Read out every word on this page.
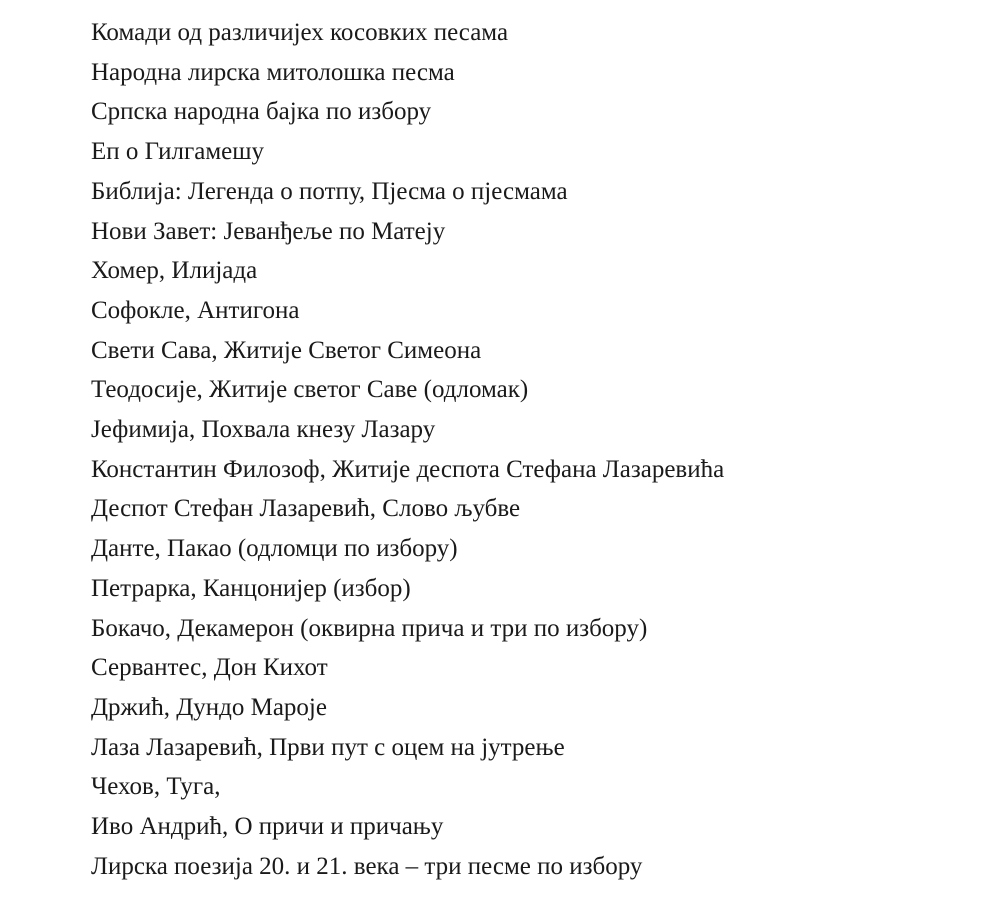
Комади од различијех косовких песама
Народна лирска митолошка песма
Српска народна бајка по избору
Еп о Гилгамешу
Библија: Легенда о потпу, Пјесма о пјесмама
Нови Завет: Јеванђеље по Матеју
Хомер, Илијада
Софокле, Антигона
Свети Сава, Житије Светог Симеона
Теодосије, Житије светог Саве (одломак)
Јефимија, Похвала кнезу Лазару
Константин Филозоф, Житије деспота Стефана Лазаревића
Деспот Стефан Лазаревић, Слово љубве
Данте, Пакао (одломци по избору)
Петрарка, Канцонијер (избор)
Бокачо, Декамерон (оквирна прича и три по избору)
Сервантес, Дон Кихот
Држић, Дундо Мароје
Лаза Лазаревић, Први пут с оцем на јутрење
Чехов, Туга,
Иво Андрић, О причи и причању
Лирска поезија 20. и 21. века – три песме по избору
